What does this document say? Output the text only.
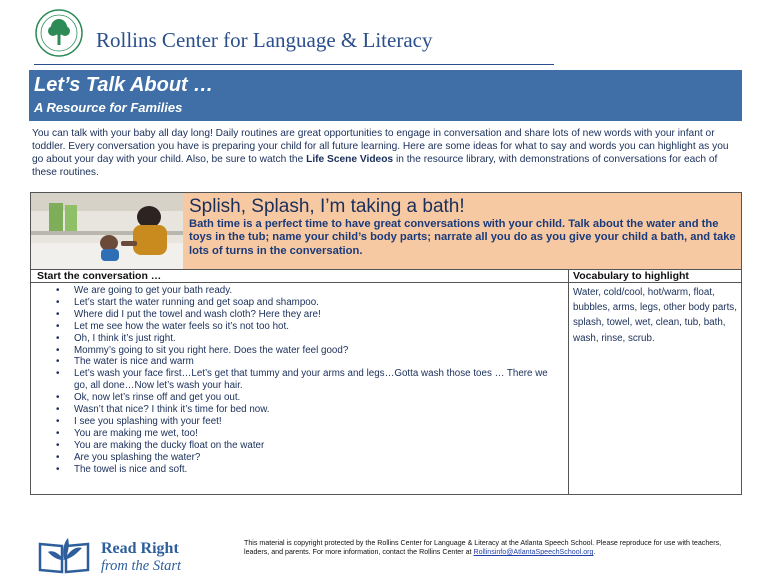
Rollins Center for Language & Literacy
Let’s Talk About …
A Resource for Families
You can talk with your baby all day long! Daily routines are great opportunities to engage in conversation and share lots of new words with your infant or toddler. Every conversation you have is preparing your child for all future learning. Here are some ideas for what to say and words you can highlight as you go about your day with your child. Also, be sure to watch the Life Scene Videos in the resource library, with demonstrations of conversations for each of these routines.
Splish, Splash, I’m taking a bath!
Bath time is a perfect time to have great conversations with your child. Talk about the water and the toys in the tub; name your child’s body parts; narrate all you do as you give your child a bath, and take lots of turns in the conversation.
Start the conversation …	Vocabulary to highlight
• We are going to get your bath ready.
• Let’s start the water running and get soap and shampoo.
• Where did I put the towel and wash cloth? Here they are!
• Let me see how the water feels so it’s not too hot.
• Oh, I think it’s just right.
• Mommy’s going to sit you right here. Does the water feel good?
• The water is nice and warm
• Let’s wash your face first…Let’s get that tummy and your arms and legs…Gotta wash those toes … There we go, all done…Now let’s wash your hair.
• Ok, now let’s rinse off and get you out.
• Wasn’t that nice? I think it’s time for bed now.
• I see you splashing with your feet!
• You are making me wet, too!
• You are making the ducky float on the water
• Are you splashing the water?
• The towel is nice and soft.
Water, cold/cool, hot/warm, float, bubbles, arms, legs, other body parts, splash, towel, wet, clean, tub, bath, wash, rinse, scrub.
Read Right
from the Start
This material is copyright protected by the Rollins Center for Language & Literacy at the Atlanta Speech School. Please reproduce for use with teachers, leaders, and parents. For more information, contact the Rollins Center at Rollinsinfo@AtlantaSpeechSchool.org.
